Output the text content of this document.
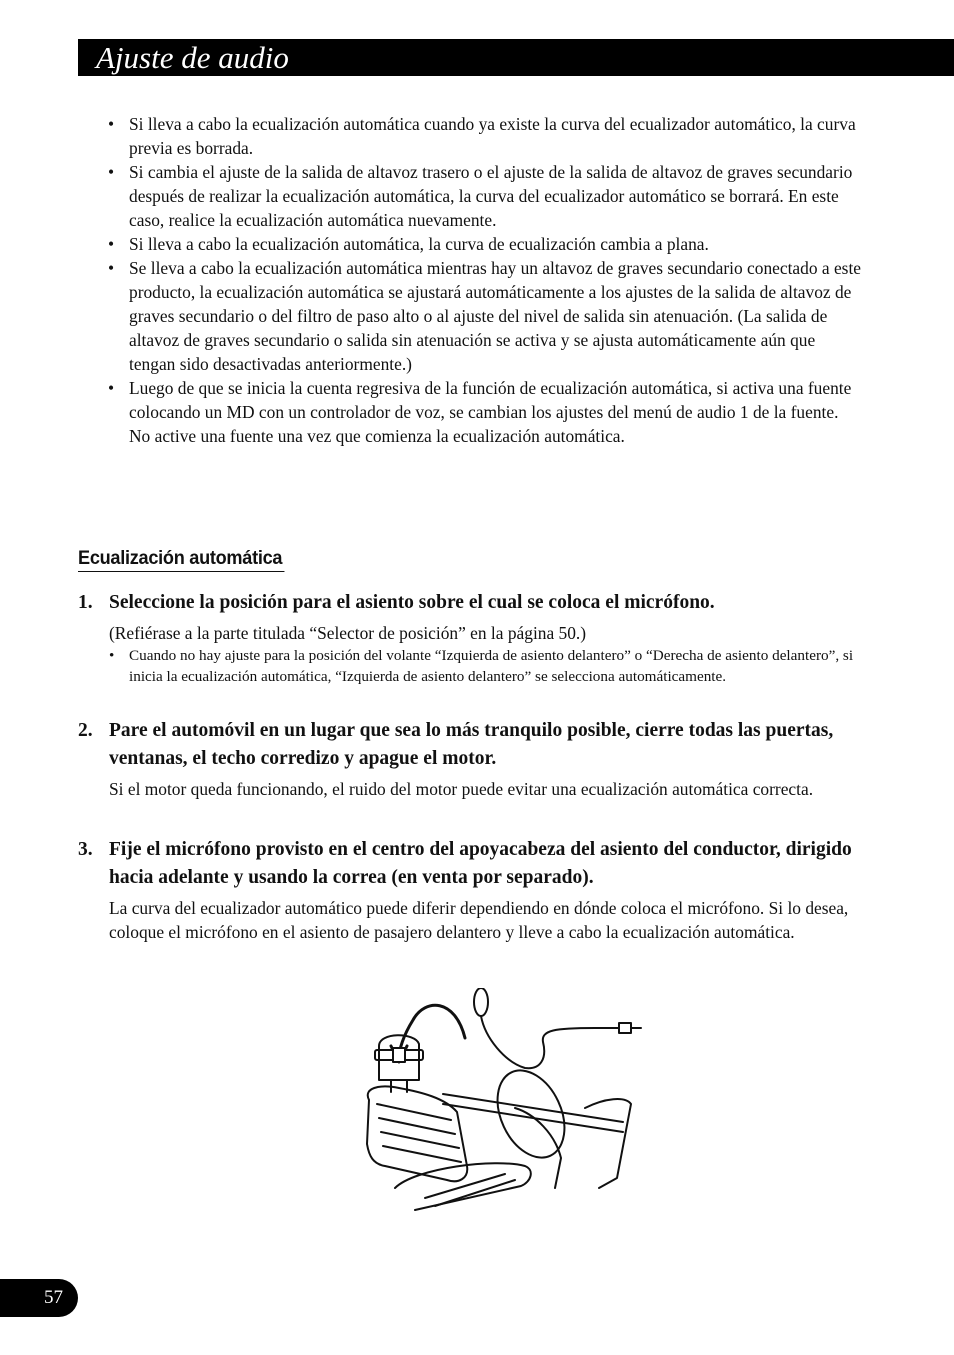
Ajuste de audio
• Si lleva a cabo la ecualización automática cuando ya existe la curva del ecualizador automático, la curva previa es borrada.
• Si cambia el ajuste de la salida de altavoz trasero o el ajuste de la salida de altavoz de graves secundario después de realizar la ecualización automática, la curva del ecualizador automático se borrará. En este caso, realice la ecualización automática nuevamente.
• Si lleva a cabo la ecualización automática, la curva de ecualización cambia a plana.
• Se lleva a cabo la ecualización automática mientras hay un altavoz de graves secundario conectado a este producto, la ecualización automática se ajustará automáticamente a los ajustes de la salida de altavoz de graves secundario o del filtro de paso alto o al ajuste del nivel de salida sin atenuación. (La salida de altavoz de graves secundario o salida sin atenuación se activa y se ajusta automáticamente aún que tengan sido desactivadas anteriormente.)
• Luego de que se inicia la cuenta regresiva de la función de ecualización automática, si activa una fuente colocando un MD con un controlador de voz, se cambian los ajustes del menú de audio 1 de la fuente. No active una fuente una vez que comienza la ecualización automática.
Ecualización automática
1. Seleccione la posición para el asiento sobre el cual se coloca el micrófono.
(Refiérase a la parte titulada “Selector de posición” en la página 50.)
• Cuando no hay ajuste para la posición del volante “Izquierda de asiento delantero” o “Derecha de asiento delantero”, si inicia la ecualización automática, “Izquierda de asiento delantero” se selecciona automáticamente.
2. Pare el automóvil en un lugar que sea lo más tranquilo posible, cierre todas las puertas, ventanas, el techo corredizo y apague el motor.
Si el motor queda funcionando, el ruido del motor puede evitar una ecualización automática correcta.
3. Fije el micrófono provisto en el centro del apoyacabeza del asiento del conductor, dirigido hacia adelante y usando la correa (en venta por separado).
La curva del ecualizador automático puede diferir dependiendo en dónde coloca el micrófono. Si lo desea, coloque el micrófono en el asiento de pasajero delantero y lleve a cabo la ecualización automática.
57
